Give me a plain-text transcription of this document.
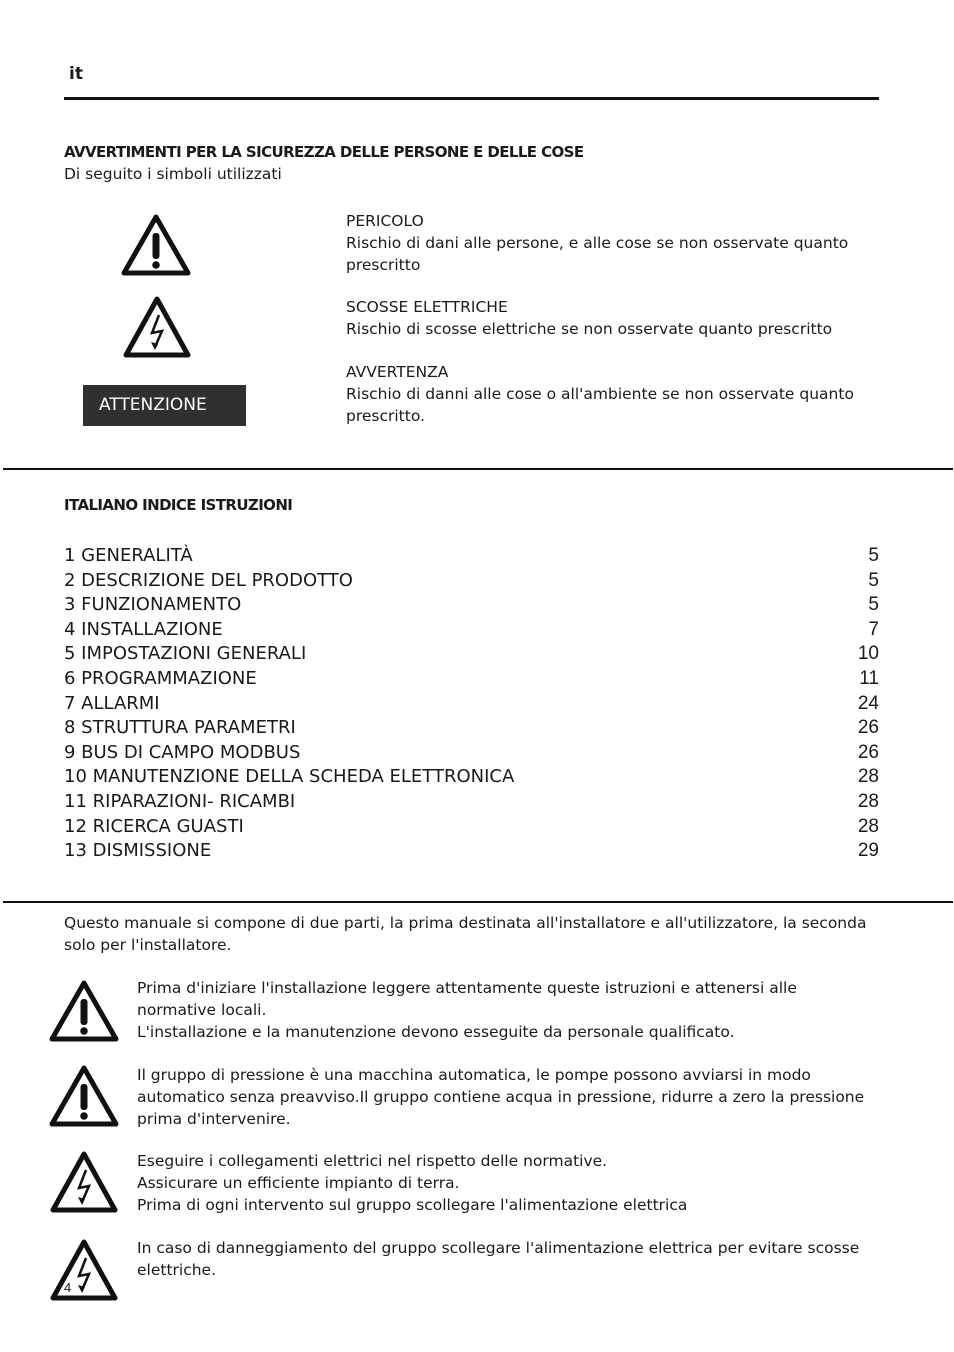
it
AVVERTIMENTI PER LA SICUREZZA DELLE PERSONE E DELLE COSE
Di seguito i simboli utilizzati
PERICOLO
Rischio di dani alle persone, e alle cose se non osservate quanto prescritto
SCOSSE ELETTRICHE
Rischio di scosse elettriche se non osservate quanto prescritto
ATTENZIONE
AVVERTENZA
Rischio di danni alle cose o all'ambiente se non osservate quanto prescritto.
ITALIANO INDICE ISTRUZIONI
1 GENERALITÀ	5
2 DESCRIZIONE DEL PRODOTTO	5
3 FUNZIONAMENTO	5
4 INSTALLAZIONE	7
5 IMPOSTAZIONI GENERALI	10
6 PROGRAMMAZIONE	11
7 ALLARMI	24
8 STRUTTURA PARAMETRI	26
9 BUS DI CAMPO MODBUS	26
10 MANUTENZIONE DELLA SCHEDA ELETTRONICA	28
11 RIPARAZIONI- RICAMBI	28
12 RICERCA GUASTI	28
13 DISMISSIONE	29
Questo manuale si compone di due parti, la prima destinata all'installatore e all'utilizzatore, la seconda solo per l'installatore.
Prima d'iniziare l'installazione leggere attentamente queste istruzioni e attenersi alle normative locali.
L'installazione e la manutenzione devono esseguite da personale qualificato.
Il gruppo di pressione è una macchina automatica, le pompe possono avviarsi in modo automatico senza preavviso.Il gruppo contiene acqua in pressione, ridurre a zero la pressione prima d'intervenire.
Eseguire i collegamenti elettrici nel rispetto delle normative.
Assicurare un efficiente impianto di terra.
Prima di ogni intervento sul gruppo scollegare l'alimentazione elettrica
In caso di danneggiamento del gruppo scollegare l'alimentazione elettrica per evitare scosse elettriche.
4
